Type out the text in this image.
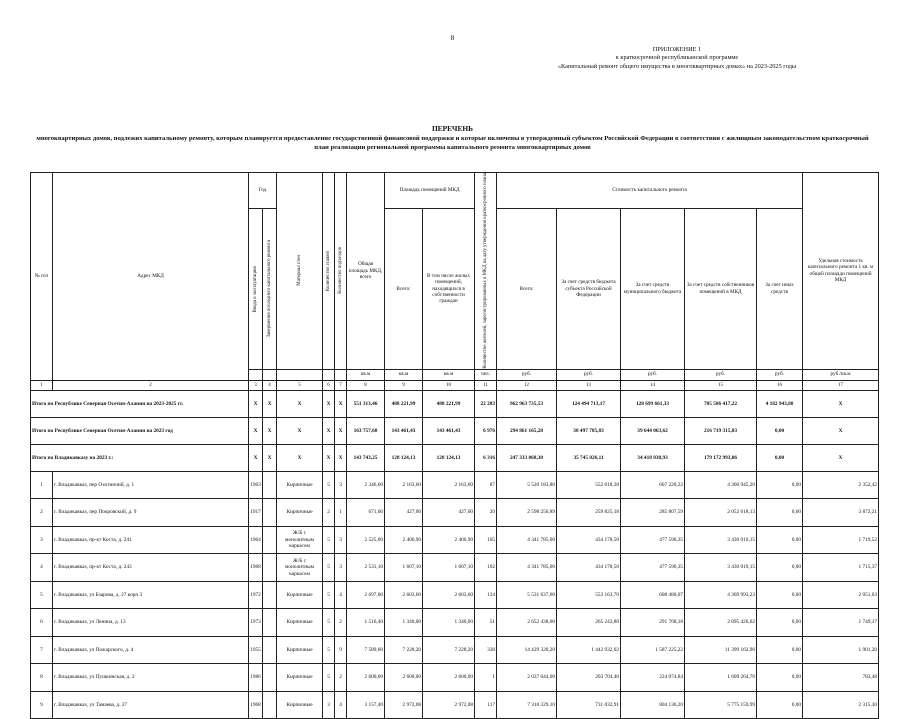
8
ПРИЛОЖЕНИЕ 1
к краткосрочной республиканской программе
«Капитальный ремонт общего имущества в многоквартирных домах» на 2023-2025 годы
ПЕРЕЧЕНЬ
многоквартирных домов, подлежих капитальному ремонту, которым планируется предоставление государственной финансовой поддержки и которые включены в утвержденный субъектом Российской Федерации в соответствии с жилищным законодательством краткосрочный план реализации региональной программы капитального ремонта многоквартирных домов
№ п/п	Адрес МКД	Год		Материал стен	Количество этажей	Количество подъездов	Общая площадь МКД, всего	Площадь помещений МКД		Количество жителей, зарегистрированных в МКД на дату утверждения краткосрочного плана	Стоимость капитального ремонта					Удельная стоимость капитального ремонта 1 кв. м общей площади помещений МКД

		Ввода в эксплуатацию	Завершения последнего капитального ремонта					Всего:	В том числе жилых помещений, находящихся в собственности граждан		Всего:	За счет средств бюджета субъекта Российской Федерации	За счет средств муниципального бюджета	За счет средств собственников помещений в МКД	За счет иных средств	
							кв.м	кв.м	кв.м	чел.	руб.	руб.	руб.	руб.	руб.	руб./кв.м
1	2	3	4	5	6	7	8	9	10	11	12	13	14	15	16	17
Итого по Республике Северная Осетия-Алания на 2023-2025 гг.		X	X	X	X	X	551 313,46	488 221,99	488 221,99	22 283	962 963 735,53	124 494 713,17	128 699 661,33	705 586 417,22	4 182 943,80	X
Итого по Республике Северная Осетия-Алания на 2023 год		X	X	X	X	X	163 757,60	143 461,43	143 461,43	6 976	294 861 165,28	38 497 785,83	39 644 063,62	216 719 315,83	0,00	X
Итого по Владикавказу на 2023 г.:		X	X	X	X	X	143 743,25	128 124,13	128 124,13	6 316	247 333 068,30	35 745 026,11	34 418 038,93	179 172 993,06	0,00	X
1	г. Владикавказ, пер Охотничий, д. 1	1963		Кирпичные	5	3	2 346,60	2 163,60	2 163,60	87	5 520 183,80	552 018,38	607 220,22	4 360 945,20	0,00	2 352,42
2	г. Владикавказ, пер Покровский, д. 9	1917		Кирпичные	2	1	671,00	427,00	427,00	20	2 598 250,89	259 825,18	285 807,59	2 052 618,13	0,00	3 872,21
3	г. Владикавказ, пр-кт Коста, д. 241	1964		Ж/Б с монолитным каркасом	5	3	2 525,00	2 406,90	2 406,90	105	4 341 785,00	434 178,50	477 596,35	3 430 010,15	0,00	1 719,52
4	г. Владикавказ, пр-кт Коста, д. 243	1968		Ж/Б с монолитным каркасом	5	3	2 531,10	1 607,10	1 607,10	102	4 341 785,00	434 178,50	477 596,35	3 430 010,15	0,00	1 715,37
5	г. Владикавказ, ул Бзарова, д. 27 корп 3	1972		Кирпичные	5	4	2 697,00	2 603,60	2 603,60	134	5 531 637,00	553 163,70	608 480,07	4 369 993,23	0,00	2 051,03
6	г. Владикавказ, ул Ленина, д. 13	1973		Кирпичные	5	2	1 516,40	1 340,00	1 340,00	51	2 652 438,00	265 243,80	291 768,18	2 095 426,02	0,00	1 749,17
7	г. Владикавказ, ул Пожарского, д. 4	1955		Кирпичные	5	9	7 589,60	7 228,20	7 228,20	338	14 429 320,20	1 442 932,02	1 587 225,22	11 399 162,96	0,00	1 901,20
8	г. Владикавказ, ул Пушкинская, д. 2	1986		Кирпичные	5	2	2 600,00	2 600,00	2 600,00	1	2 037 044,00	203 704,40	224 074,84	1 609 264,76	0,00	783,48
9	г. Владикавказ, ул Тамаева, д. 27	1968		Кирпичные	3	4	3 157,40	2 972,08	2 972,08	117	7 310 329,10	731 032,91	804 136,20	5 775 159,99	0,00	2 315,30
